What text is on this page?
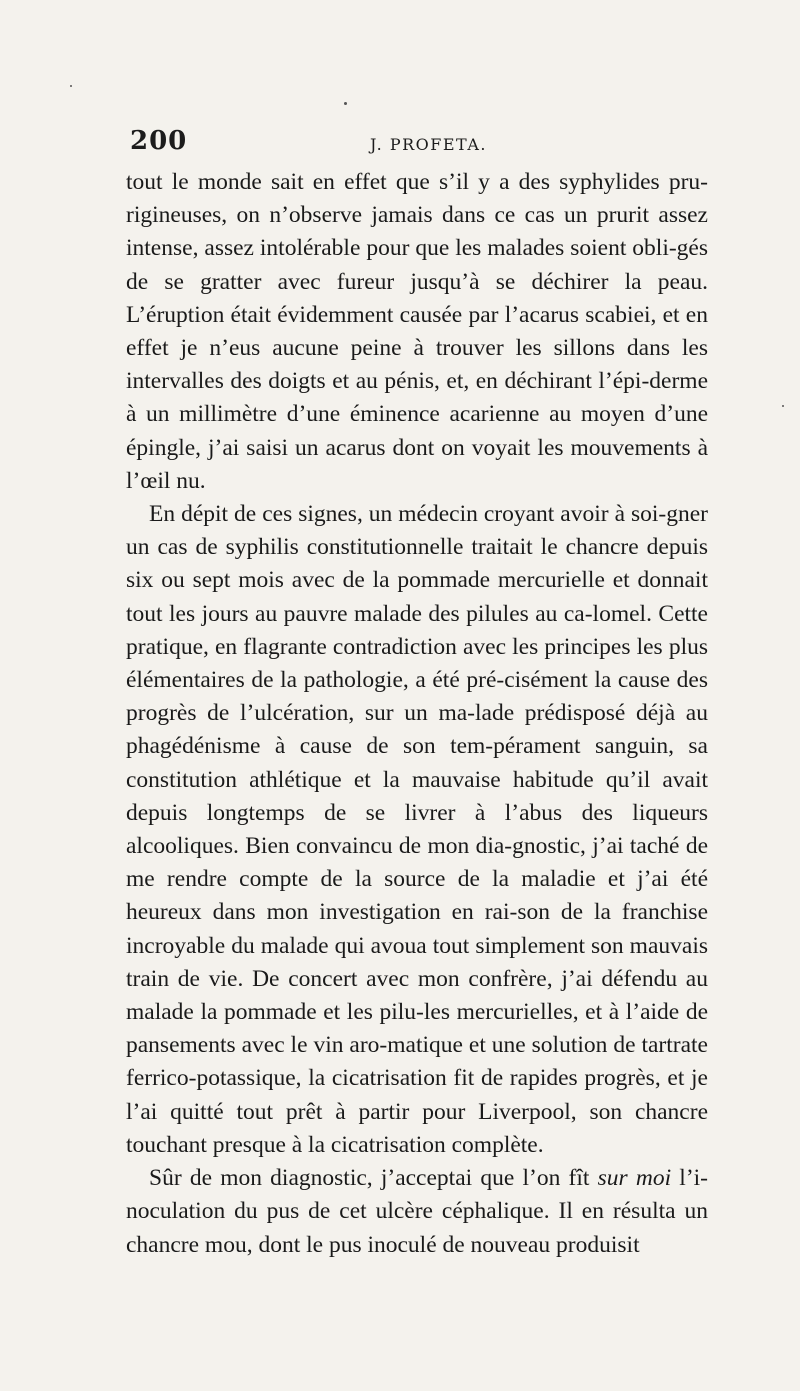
200	J. PROFETA.

tout le monde sait en effet que s’il y a des syphylides pru-rigineuses, on n’observe jamais dans ce cas un prurit assez intense, assez intolérable pour que les malades soient obli-gés de se gratter avec fureur jusqu’à se déchirer la peau. L’éruption était évidemment causée par l’acarus scabiei, et en effet je n’eus aucune peine à trouver les sillons dans les intervalles des doigts et au pénis, et, en déchirant l’épi-derme à un millimètre d’une éminence acarienne au moyen d’une épingle, j’ai saisi un acarus dont on voyait les mouvements à l’œil nu.

En dépit de ces signes, un médecin croyant avoir à soi-gner un cas de syphilis constitutionnelle traitait le chancre depuis six ou sept mois avec de la pommade mercurielle et donnait tout les jours au pauvre malade des pilules au ca-lomel. Cette pratique, en flagrante contradiction avec les principes les plus élémentaires de la pathologie, a été pré-cisément la cause des progrès de l’ulcération, sur un ma-lade prédisposé déjà au phagédénisme à cause de son tem-pérament sanguin, sa constitution athlétique et la mauvaise habitude qu’il avait depuis longtemps de se livrer à l’abus des liqueurs alcooliques. Bien convaincu de mon dia-gnostic, j’ai taché de me rendre compte de la source de la maladie et j’ai été heureux dans mon investigation en rai-son de la franchise incroyable du malade qui avoua tout simplement son mauvais train de vie. De concert avec mon confrère, j’ai défendu au malade la pommade et les pilu-les mercurielles, et à l’aide de pansements avec le vin aro-matique et une solution de tartrate ferrico-potassique, la cicatrisation fit de rapides progrès, et je l’ai quitté tout prêt à partir pour Liverpool, son chancre touchant presque à la cicatrisation complète.

Sûr de mon diagnostic, j’acceptai que l’on fît sur moi l’i-noculation du pus de cet ulcère céphalique. Il en résulta un chancre mou, dont le pus inoculé de nouveau produisit
